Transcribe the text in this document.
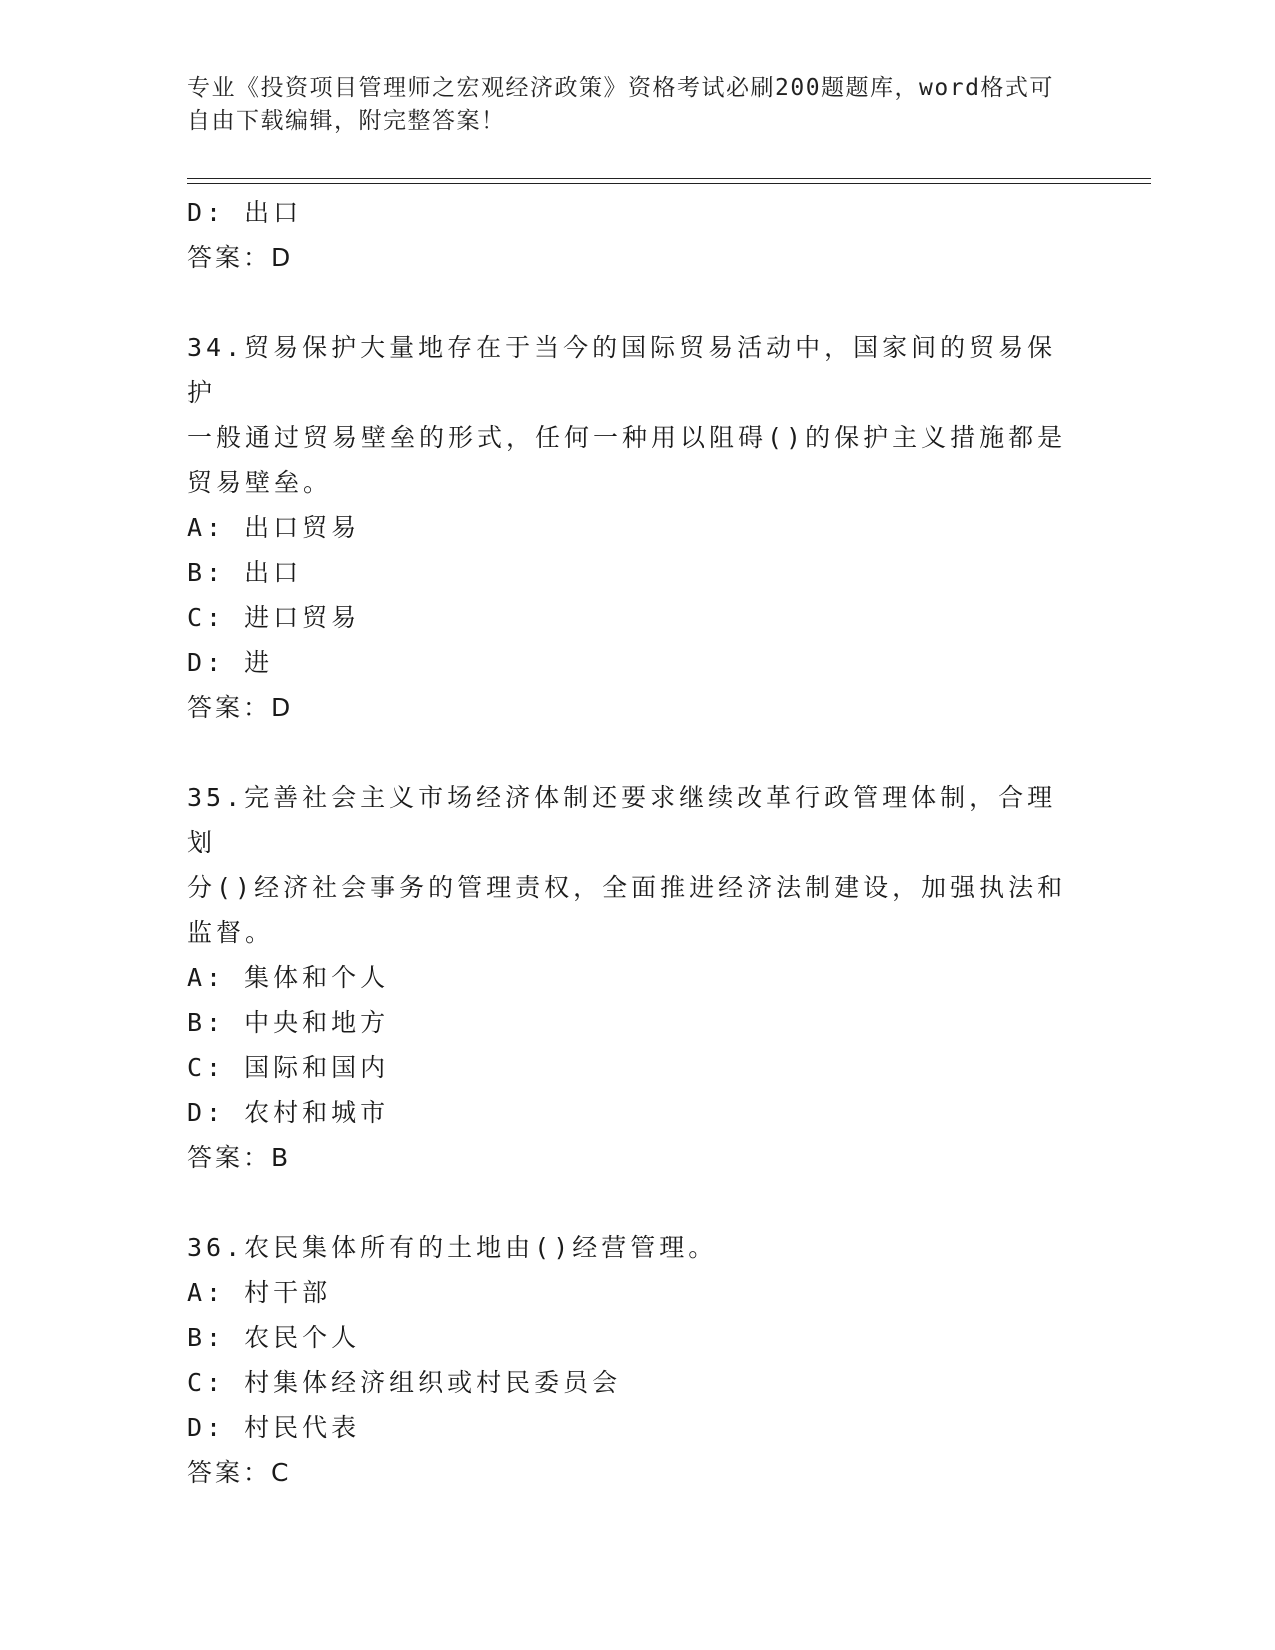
专业《投资项目管理师之宏观经济政策》资格考试必刷200题题库，word格式可
自由下载编辑，附完整答案！
D: 出口
答案：D
34.贸易保护大量地存在于当今的国际贸易活动中，国家间的贸易保护
一般通过贸易壁垒的形式，任何一种用以阻碍()的保护主义措施都是
贸易壁垒。
A: 出口贸易
B: 出口
C: 进口贸易
D: 进
答案：D
35.完善社会主义市场经济体制还要求继续改革行政管理体制，合理划
分()经济社会事务的管理责权，全面推进经济法制建设，加强执法和
监督。
A: 集体和个人
B: 中央和地方
C: 国际和国内
D: 农村和城市
答案：B
36.农民集体所有的土地由()经营管理。
A: 村干部
B: 农民个人
C: 村集体经济组织或村民委员会
D: 村民代表
答案：C
